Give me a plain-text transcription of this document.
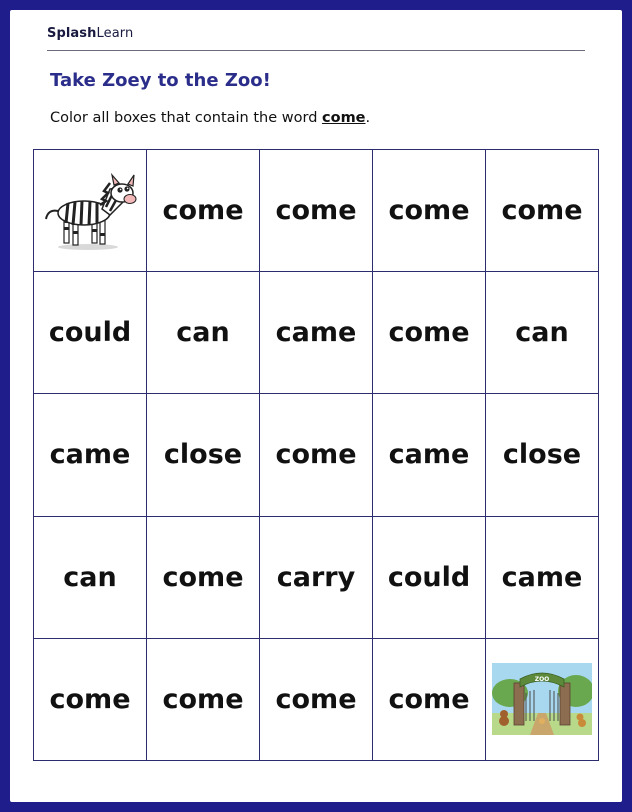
SplashLearn
Take Zoey to the Zoo!
Color all boxes that contain the word come.
come	come	come	come
could	can	came	come	can
came	close	come	came	close
can	come	carry	could	came
come	come	come	come
ZOO
